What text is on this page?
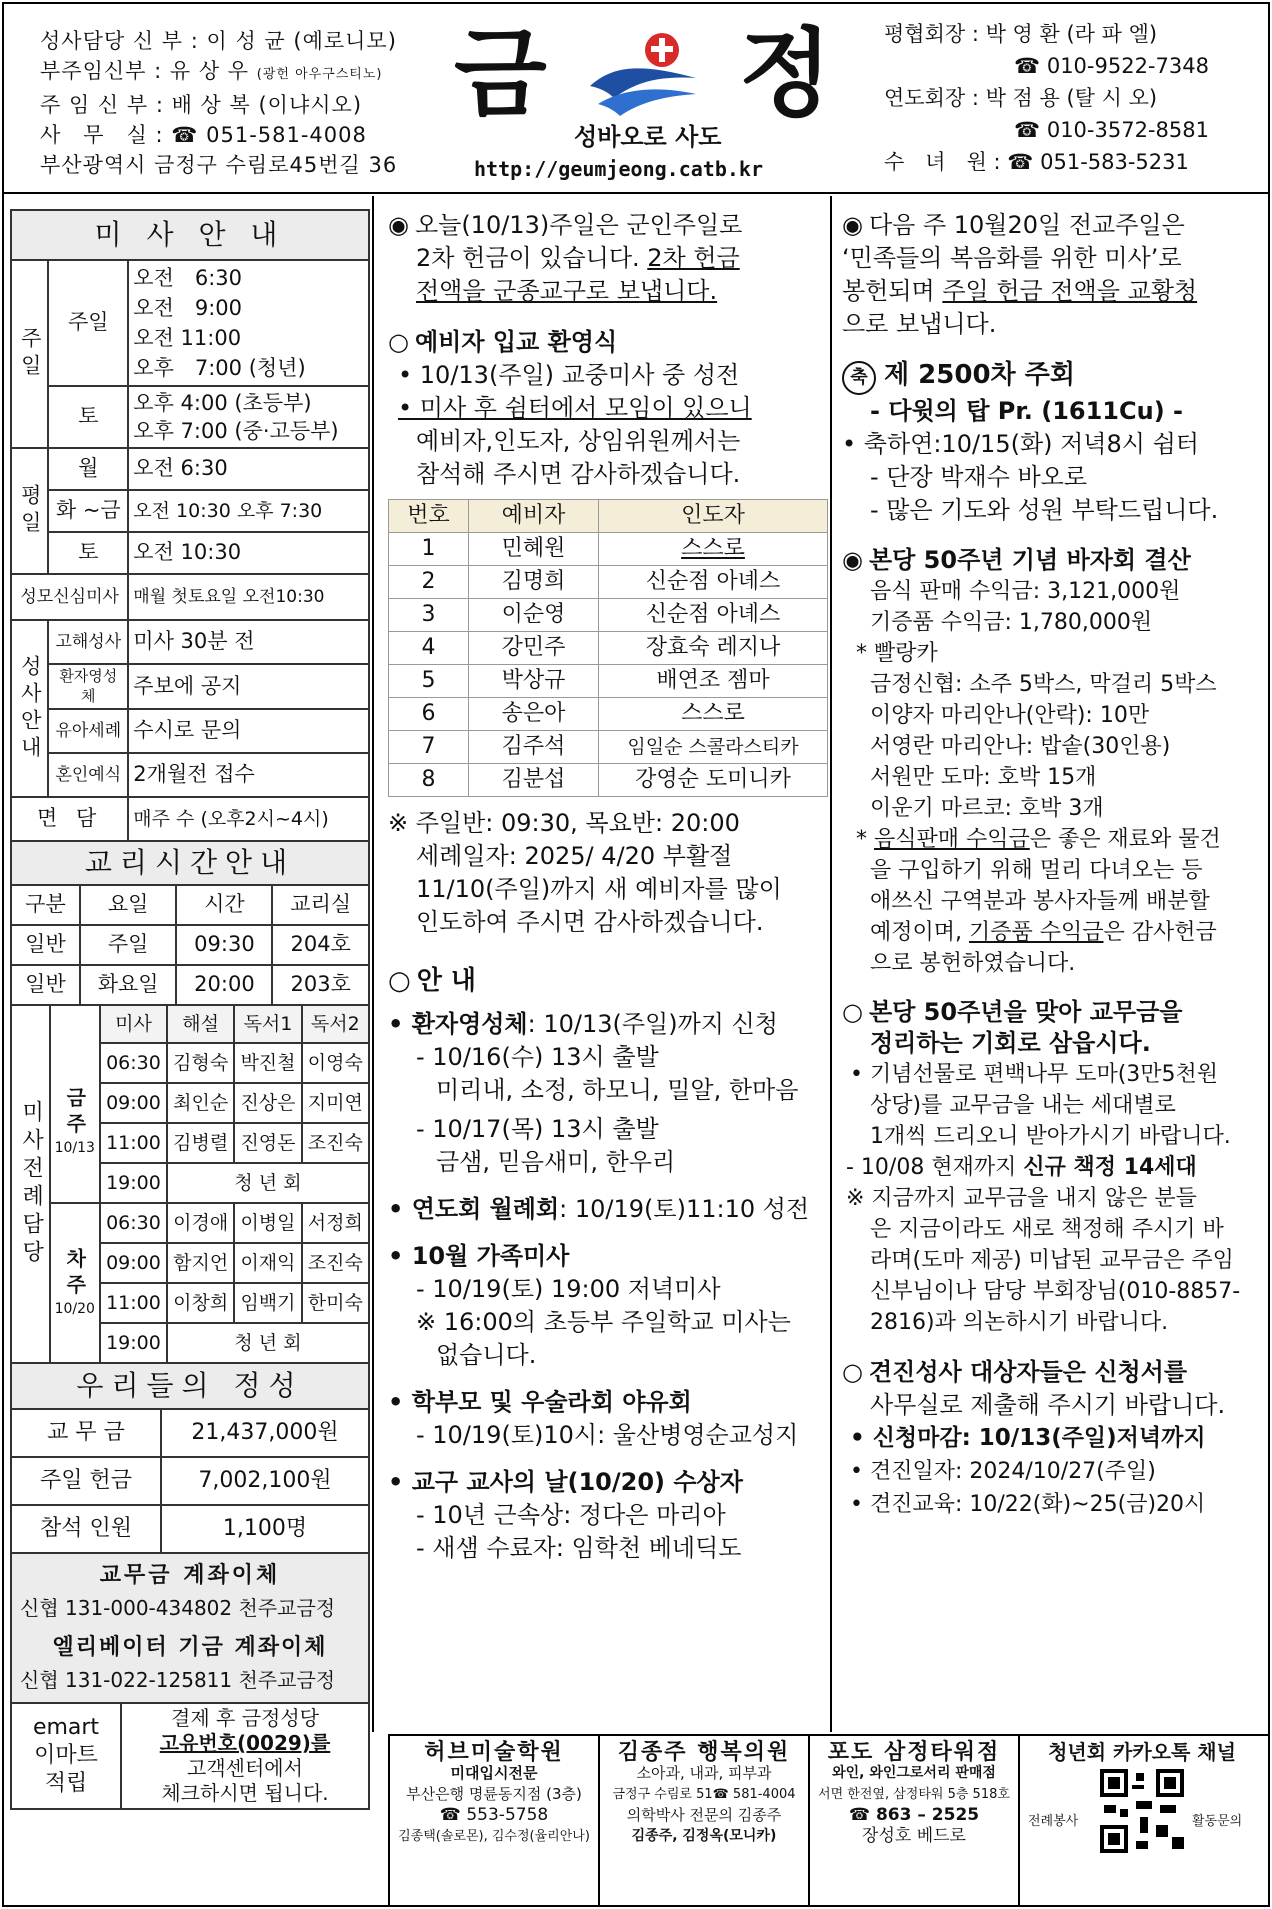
성사담당 신 부 : 이 성 균 (예로니모)
부주임신부 : 유 상 우 (광헌 아우구스티노)
주 임 신 부 : 배 상 복 (이냐시오)
사　무　실 : ☎ 051-581-4008
부산광역시 금정구 수림로45번길 36
금 정
성바오로 사도
http://geumjeong.catb.kr
평협회장 : 박 영 환 (라 파 엘)
☎ 010-9522-7348
연도회장 : 박 점 용 (탈 시 오)
☎ 010-3572-8581
수　녀　원 : ☎ 051-583-5231
미 사 안 내		
주일	주일	오전　6:30
오전　9:00
오전 11:00
오후　7:00 (청년)

	토	오후 4:00 (초등부)
오후 7:00 (중·고등부)

평일	월	오전 6:30
	화 ~금	오전 10:30 오후 7:30
	토	오전 10:30
성모신심미사		매월 첫토요일 오전10:30
성사안내	고해성사	미사 30분 전
	환자영성체	주보에 공지
	유아세례	수시로 문의
	혼인예식	2개월전 접수
면 담		매주 수 (오후2시~4시)
교리시간안내			
구분	요일	시간	교리실
일반	주일	09:30	204호
일반	화요일	20:00	203호
미사전례담당		미사	해설	독서1	독서2

	금주
10/13	06:30	김형숙	박진철	이영숙
		09:00	최인순	진상은	지미연
		11:00	김병렬	진영돈	조진숙
		19:00	청 년 회		

	차주
10/20	06:30	이경애	이병일	서정희
		09:00	함지언	이재익	조진숙
		11:00	이창희	임백기	한미숙
		19:00	청 년 회		
우리들의 정성	
교 무 금	21,437,000원
주일 헌금	7,002,100원
참석 인원	1,100명

교무금 계좌이체
신협 131-000-434802 천주교금정
엘리베이터 기금 계좌이체
신협 131-022-125811 천주교금정	
emart
이마트
적립

결제 후 금정성당
고유번호(0029)를
고객센터에서
체크하시면 됩니다.
◉ 오늘(10/13)주일은 군인주일로
2차 헌금이 있습니다. 2차 헌금
전액을 군종교구로 보냅니다.
○ 예비자 입교 환영식
• 10/13(주일) 교중미사 중 성전
• 미사 후 쉼터에서 모임이 있으니
예비자,인도자, 상임위원께서는
참석해 주시면 감사하겠습니다.
번호	예비자	인도자
1	민혜원	스스로
2	김명희	신순점 아녜스
3	이순영	신순점 아녜스
4	강민주	장효숙 레지나
5	박상규	배연조 젬마
6	송은아	스스로
7	김주석	임일순 스콜라스티카
8	김분섭	강영순 도미니카
※ 주일반: 09:30, 목요반: 20:00
세례일자: 2025/ 4/20 부활절
11/10(주일)까지 새 예비자를 많이
인도하여 주시면 감사하겠습니다.
○ 안 내
• 환자영성체: 10/13(주일)까지 신청
- 10/16(수) 13시 출발
미리내, 소정, 하모니, 밀알, 한마음
- 10/17(목) 13시 출발
금샘, 믿음새미, 한우리
• 연도회 월례회: 10/19(토)11:10 성전
• 10월 가족미사
- 10/19(토) 19:00 저녁미사
※ 16:00의 초등부 주일학교 미사는
없습니다.
• 학부모 및 우술라회 야유회
- 10/19(토)10시: 울산병영순교성지
• 교구 교사의 날(10/20) 수상자
- 10년 근속상: 정다은 마리아
- 새샘 수료자: 임학천 베네딕도
◉ 다음 주 10월20일 전교주일은
‘민족들의 복음화를 위한 미사’로
봉헌되며 주일 헌금 전액을 교황청
으로 보냅니다.
축 제 2500차 주회
- 다윗의 탑 Pr. (1611Cu) -
• 축하연:10/15(화) 저녁8시 쉼터
- 단장 박재수 바오로
- 많은 기도와 성원 부탁드립니다.
◉ 본당 50주년 기념 바자회 결산
음식 판매 수익금: 3,121,000원
기증품 수익금: 1,780,000원
* 빨랑카
금정신협: 소주 5박스, 막걸리 5박스
이양자 마리안나(안락): 10만
서영란 마리안나: 밥솥(30인용)
서원만 도마: 호박 15개
이운기 마르코: 호박 3개
* 음식판매 수익금은 좋은 재료와 물건
을 구입하기 위해 멀리 다녀오는 등
애쓰신 구역분과 봉사자들께 배분할
예정이며, 기증품 수익금은 감사헌금
으로 봉헌하였습니다.
○ 본당 50주년을 맞아 교무금을
정리하는 기회로 삼읍시다.
• 기념선물로 편백나무 도마(3만5천원
상당)를 교무금을 내는 세대별로
1개씩 드리오니 받아가시기 바랍니다.
- 10/08 현재까지 신규 책정 14세대
※ 지금까지 교무금을 내지 않은 분들
은 지금이라도 새로 책정해 주시기 바
라며(도마 제공) 미납된 교무금은 주임
신부님이나 담당 부회장님(010-8857-
2816)과 의논하시기 바랍니다.
○ 견진성사 대상자들은 신청서를
사무실로 제출해 주시기 바랍니다.
• 신청마감: 10/13(주일)저녁까지
• 견진일자: 2024/10/27(주일)
• 견진교육: 10/22(화)~25(금)20시
허브미술학원
미대입시전문
부산은행 명륜동지점 (3층)
☎ 553-5758
김종택(솔로몬), 김수정(율리안나)
김종주 행복의원
소아과, 내과, 피부과
금정구 수림로 51☎ 581-4004
의학박사 전문의 김종주
김종주, 김정옥(모니카)
포도 삼정타워점
와인, 와인그로서리 판매점
서면 한전옆, 삼정타워 5층 518호
☎ 863 – 2525
장성호 베드로
청년회 카카오톡 채널
전례봉사	활동문의
